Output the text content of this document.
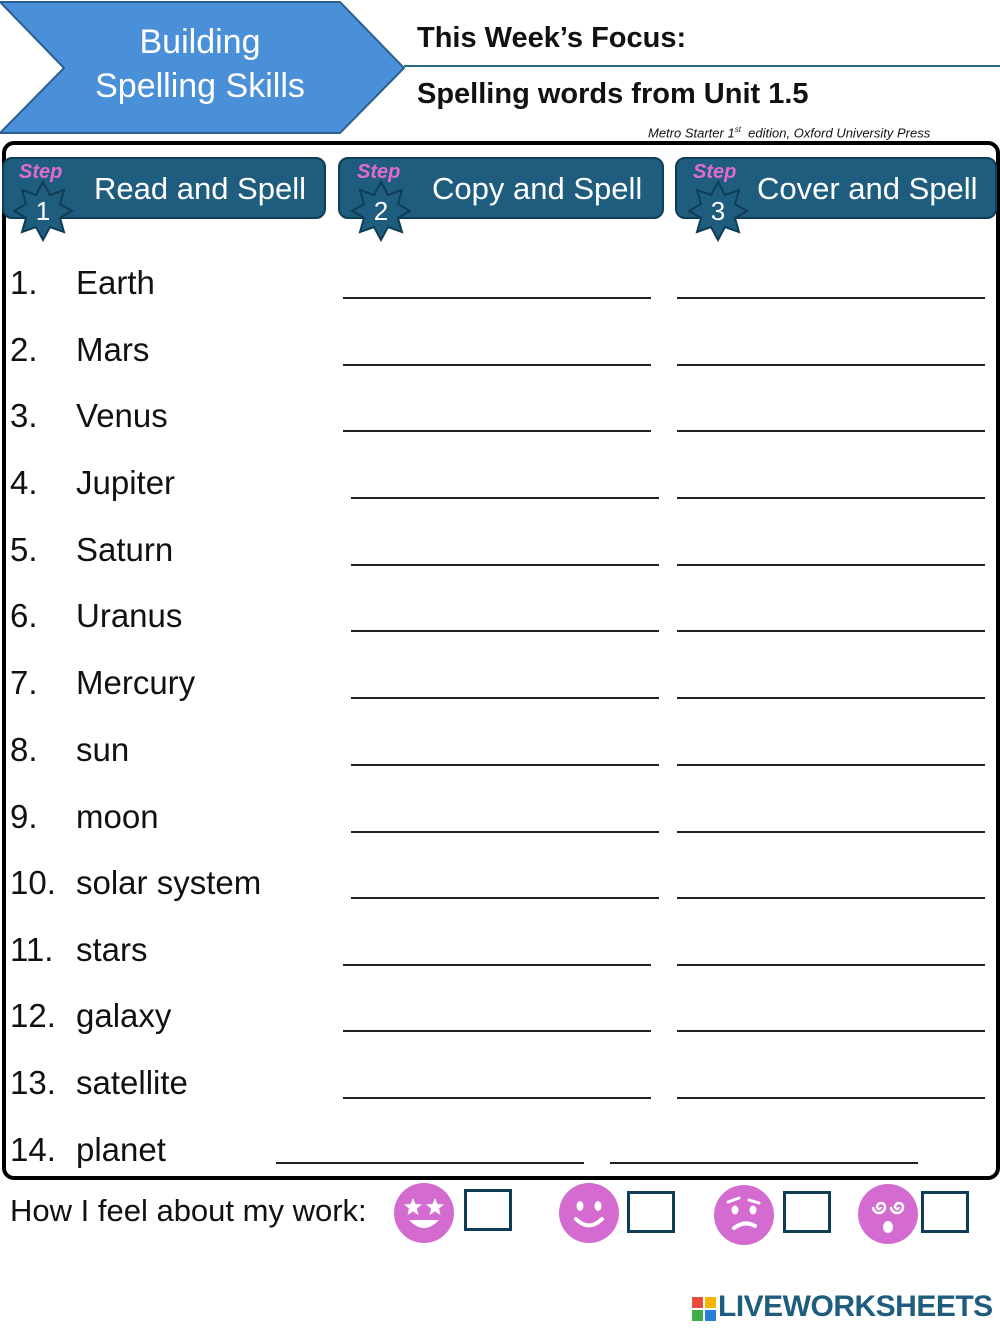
Building
Spelling Skills
This Week’s Focus:
Spelling words from Unit 1.5
Metro Starter 1st  edition, Oxford University Press
Step
1
Read and Spell	Step
2
Copy and Spell	Step
3
Cover and Spell
1. Earth
2. Mars
3. Venus
4. Jupiter
5. Saturn
6. Uranus
7. Mercury
8. sun
9. moon
10. solar system
11. stars
12. galaxy
13. satellite
14. planet
How I feel about my work:
LIVEWORKSHEETS
